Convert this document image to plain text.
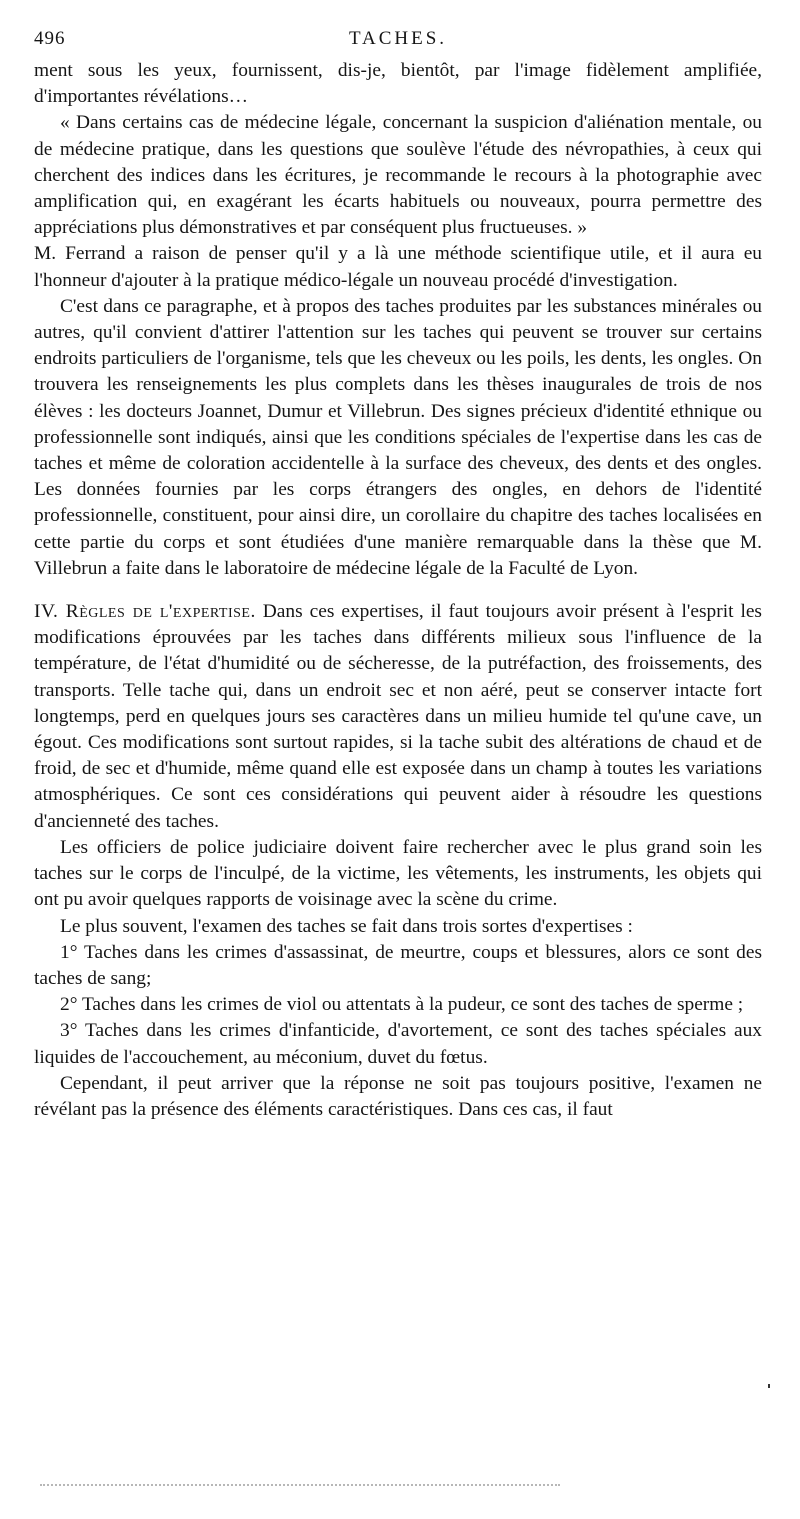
496	TACHES.

ment sous les yeux, fournissent, dis-je, bientôt, par l'image fidèlement amplifiée, d'importantes révélations…

« Dans certains cas de médecine légale, concernant la suspicion d'aliénation mentale, ou de médecine pratique, dans les questions que soulève l'étude des névropathies, à ceux qui cherchent des indices dans les écritures, je recommande le recours à la photographie avec amplification qui, en exagérant les écarts habituels ou nouveaux, pourra permettre des appréciations plus démonstratives et par conséquent plus fructueuses. »

M. Ferrand a raison de penser qu'il y a là une méthode scientifique utile, et il aura eu l'honneur d'ajouter à la pratique médico-légale un nouveau procédé d'investigation.

C'est dans ce paragraphe, et à propos des taches produites par les substances minérales ou autres, qu'il convient d'attirer l'attention sur les taches qui peuvent se trouver sur certains endroits particuliers de l'organisme, tels que les cheveux ou les poils, les dents, les ongles. On trouvera les renseignements les plus complets dans les thèses inaugurales de trois de nos élèves : les docteurs Joannet, Dumur et Villebrun. Des signes précieux d'identité ethnique ou professionnelle sont indiqués, ainsi que les conditions spéciales de l'expertise dans les cas de taches et même de coloration accidentelle à la surface des cheveux, des dents et des ongles. Les données fournies par les corps étrangers des ongles, en dehors de l'identité professionnelle, constituent, pour ainsi dire, un corollaire du chapitre des taches localisées en cette partie du corps et sont étudiées d'une manière remarquable dans la thèse que M. Villebrun a faite dans le laboratoire de médecine légale de la Faculté de Lyon.

IV. Règles de l'expertise. Dans ces expertises, il faut toujours avoir présent à l'esprit les modifications éprouvées par les taches dans différents milieux sous l'influence de la température, de l'état d'humidité ou de sécheresse, de la putréfaction, des froissements, des transports. Telle tache qui, dans un endroit sec et non aéré, peut se conserver intacte fort longtemps, perd en quelques jours ses caractères dans un milieu humide tel qu'une cave, un égout. Ces modifications sont surtout rapides, si la tache subit des altérations de chaud et de froid, de sec et d'humide, même quand elle est exposée dans un champ à toutes les variations atmosphériques. Ce sont ces considérations qui peuvent aider à résoudre les questions d'ancienneté des taches.

Les officiers de police judiciaire doivent faire rechercher avec le plus grand soin les taches sur le corps de l'inculpé, de la victime, les vêtements, les instruments, les objets qui ont pu avoir quelques rapports de voisinage avec la scène du crime.

Le plus souvent, l'examen des taches se fait dans trois sortes d'expertises :

1° Taches dans les crimes d'assassinat, de meurtre, coups et blessures, alors ce sont des taches de sang;

2° Taches dans les crimes de viol ou attentats à la pudeur, ce sont des taches de sperme ;

3° Taches dans les crimes d'infanticide, d'avortement, ce sont des taches spéciales aux liquides de l'accouchement, au méconium, duvet du fœtus.

Cependant, il peut arriver que la réponse ne soit pas toujours positive, l'examen ne révélant pas la présence des éléments caractéristiques. Dans ces cas, il faut
